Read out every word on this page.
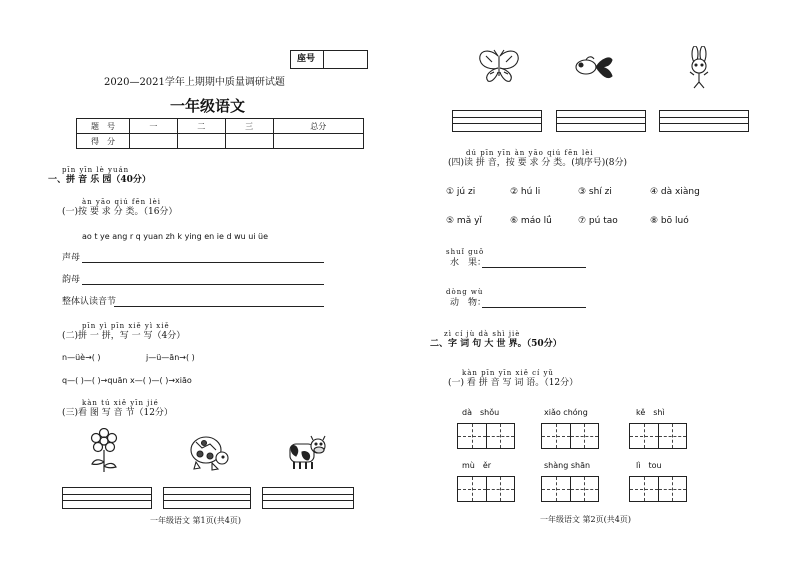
座号
2020—2021学年上期期中质量调研试题
一年级语文
题　号	一	二	三	总分
得　分				
pīn yīn lè yuán
一、拼 音 乐 园（40分）
àn yāo qiú fēn lèi
(一)按 要 求 分 类。（16分）
ao t ye ang r q yuan zh k ying en ie d wu ui üe
声母
韵母
整体认读音节
pīn yì pīn xiě yì xiě
(二)拼 一 拼，写 一 写（4分）
n—üè→( )	j—ü—ān→( )
q—( )—( )→quān x—( )—( )→xiāo
kàn tú xiě yīn jié
(三)看 图 写 音 节（12分）
一年级语文 第1页(共4页)
dú pīn yīn àn yāo qiú fēn lèi
(四)读 拼 音，按 要 求 分 类。(填序号)(8分)
① jú zi	② hú li	③ shí zi	④ dà xiàng
⑤ mǎ yǐ	⑥ máo lǘ	⑦ pú tao	⑧ bō luó
shuǐ guǒ
水　果：
dòng wù
动　物：
zì cí jù dà shì jiè
二、字 词 句 大 世 界。（50分）
kàn pīn yīn xiě cí yǔ
(一) 看 拼 音 写 词 语。（12分）
dà　shǒu	xiǎo chóng	kě　shì
mù　ěr	shàng shān	lì　tou
一年级语文 第2页(共4页)
